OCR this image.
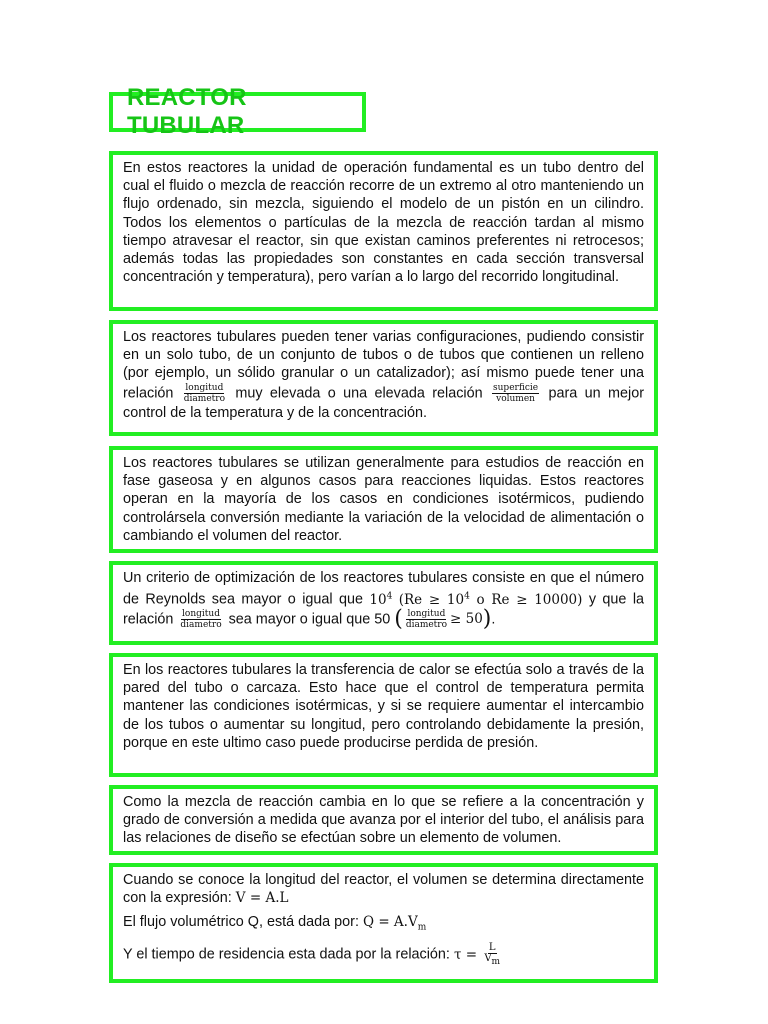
REACTOR TUBULAR

En estos reactores la unidad de operación fundamental es un tubo dentro del cual el fluido o mezcla de reacción recorre de un extremo al otro manteniendo un flujo ordenado, sin mezcla, siguiendo el modelo de un pistón en un cilindro. Todos los elementos o partículas de la mezcla de reacción tardan al mismo tiempo atravesar el reactor, sin que existan caminos preferentes ni retrocesos; además todas las propiedades son constantes en cada sección transversal concentración y temperatura), pero varían a lo largo del recorrido longitudinal.

Los reactores tubulares pueden tener varias configuraciones, pudiendo consistir en un solo tubo, de un conjunto de tubos o de tubos que contienen un relleno (por ejemplo, un sólido granular o un catalizador); así mismo puede tener una relación $\frac{\text{longitud}}{\text{diametro}}$ muy elevada o una elevada relación $\frac{\text{superficie}}{\text{volumen}}$ para un mejor control de la temperatura y de la concentración.

Los reactores tubulares se utilizan generalmente para estudios de reacción en fase gaseosa y en algunos casos para reacciones liquidas. Estos reactores operan en la mayoría de los casos en condiciones isotérmicos, pudiendo controlársela conversión mediante la variación de la velocidad de alimentación o cambiando el volumen del reactor.

Un criterio de optimización de los reactores tubulares consiste en que el número de Reynolds sea mayor o igual que $10^4$ ($Re \ge 10^4$ o Re ≥ 10000) y que la relación $\frac{\text{longitud}}{\text{diametro}}$ sea mayor o igual que 50 ( $\frac{\text{longitud}}{\text{diametro}} \ge 50$).

En los reactores tubulares la transferencia de calor se efectúa solo a través de la pared del tubo o carcaza. Esto hace que el control de temperatura permita mantener las condiciones isotérmicas, y si se requiere aumentar el intercambio de los tubos o aumentar su longitud, pero controlando debidamente la presión, porque en este ultimo caso puede producirse perdida de presión.

Como la mezcla de reacción cambia en lo que se refiere a la concentración y grado de conversión a medida que avanza por el interior del tubo, el análisis para las relaciones de diseño se efectúan sobre un elemento de volumen.

Cuando se conoce la longitud del reactor, el volumen se determina directamente con la expresión: V = A.L

El flujo volumétrico Q, está dada por: $Q = A.V_m$

Y el tiempo de residencia esta dada por la relación: $\tau = \frac{L}{V_m}$
